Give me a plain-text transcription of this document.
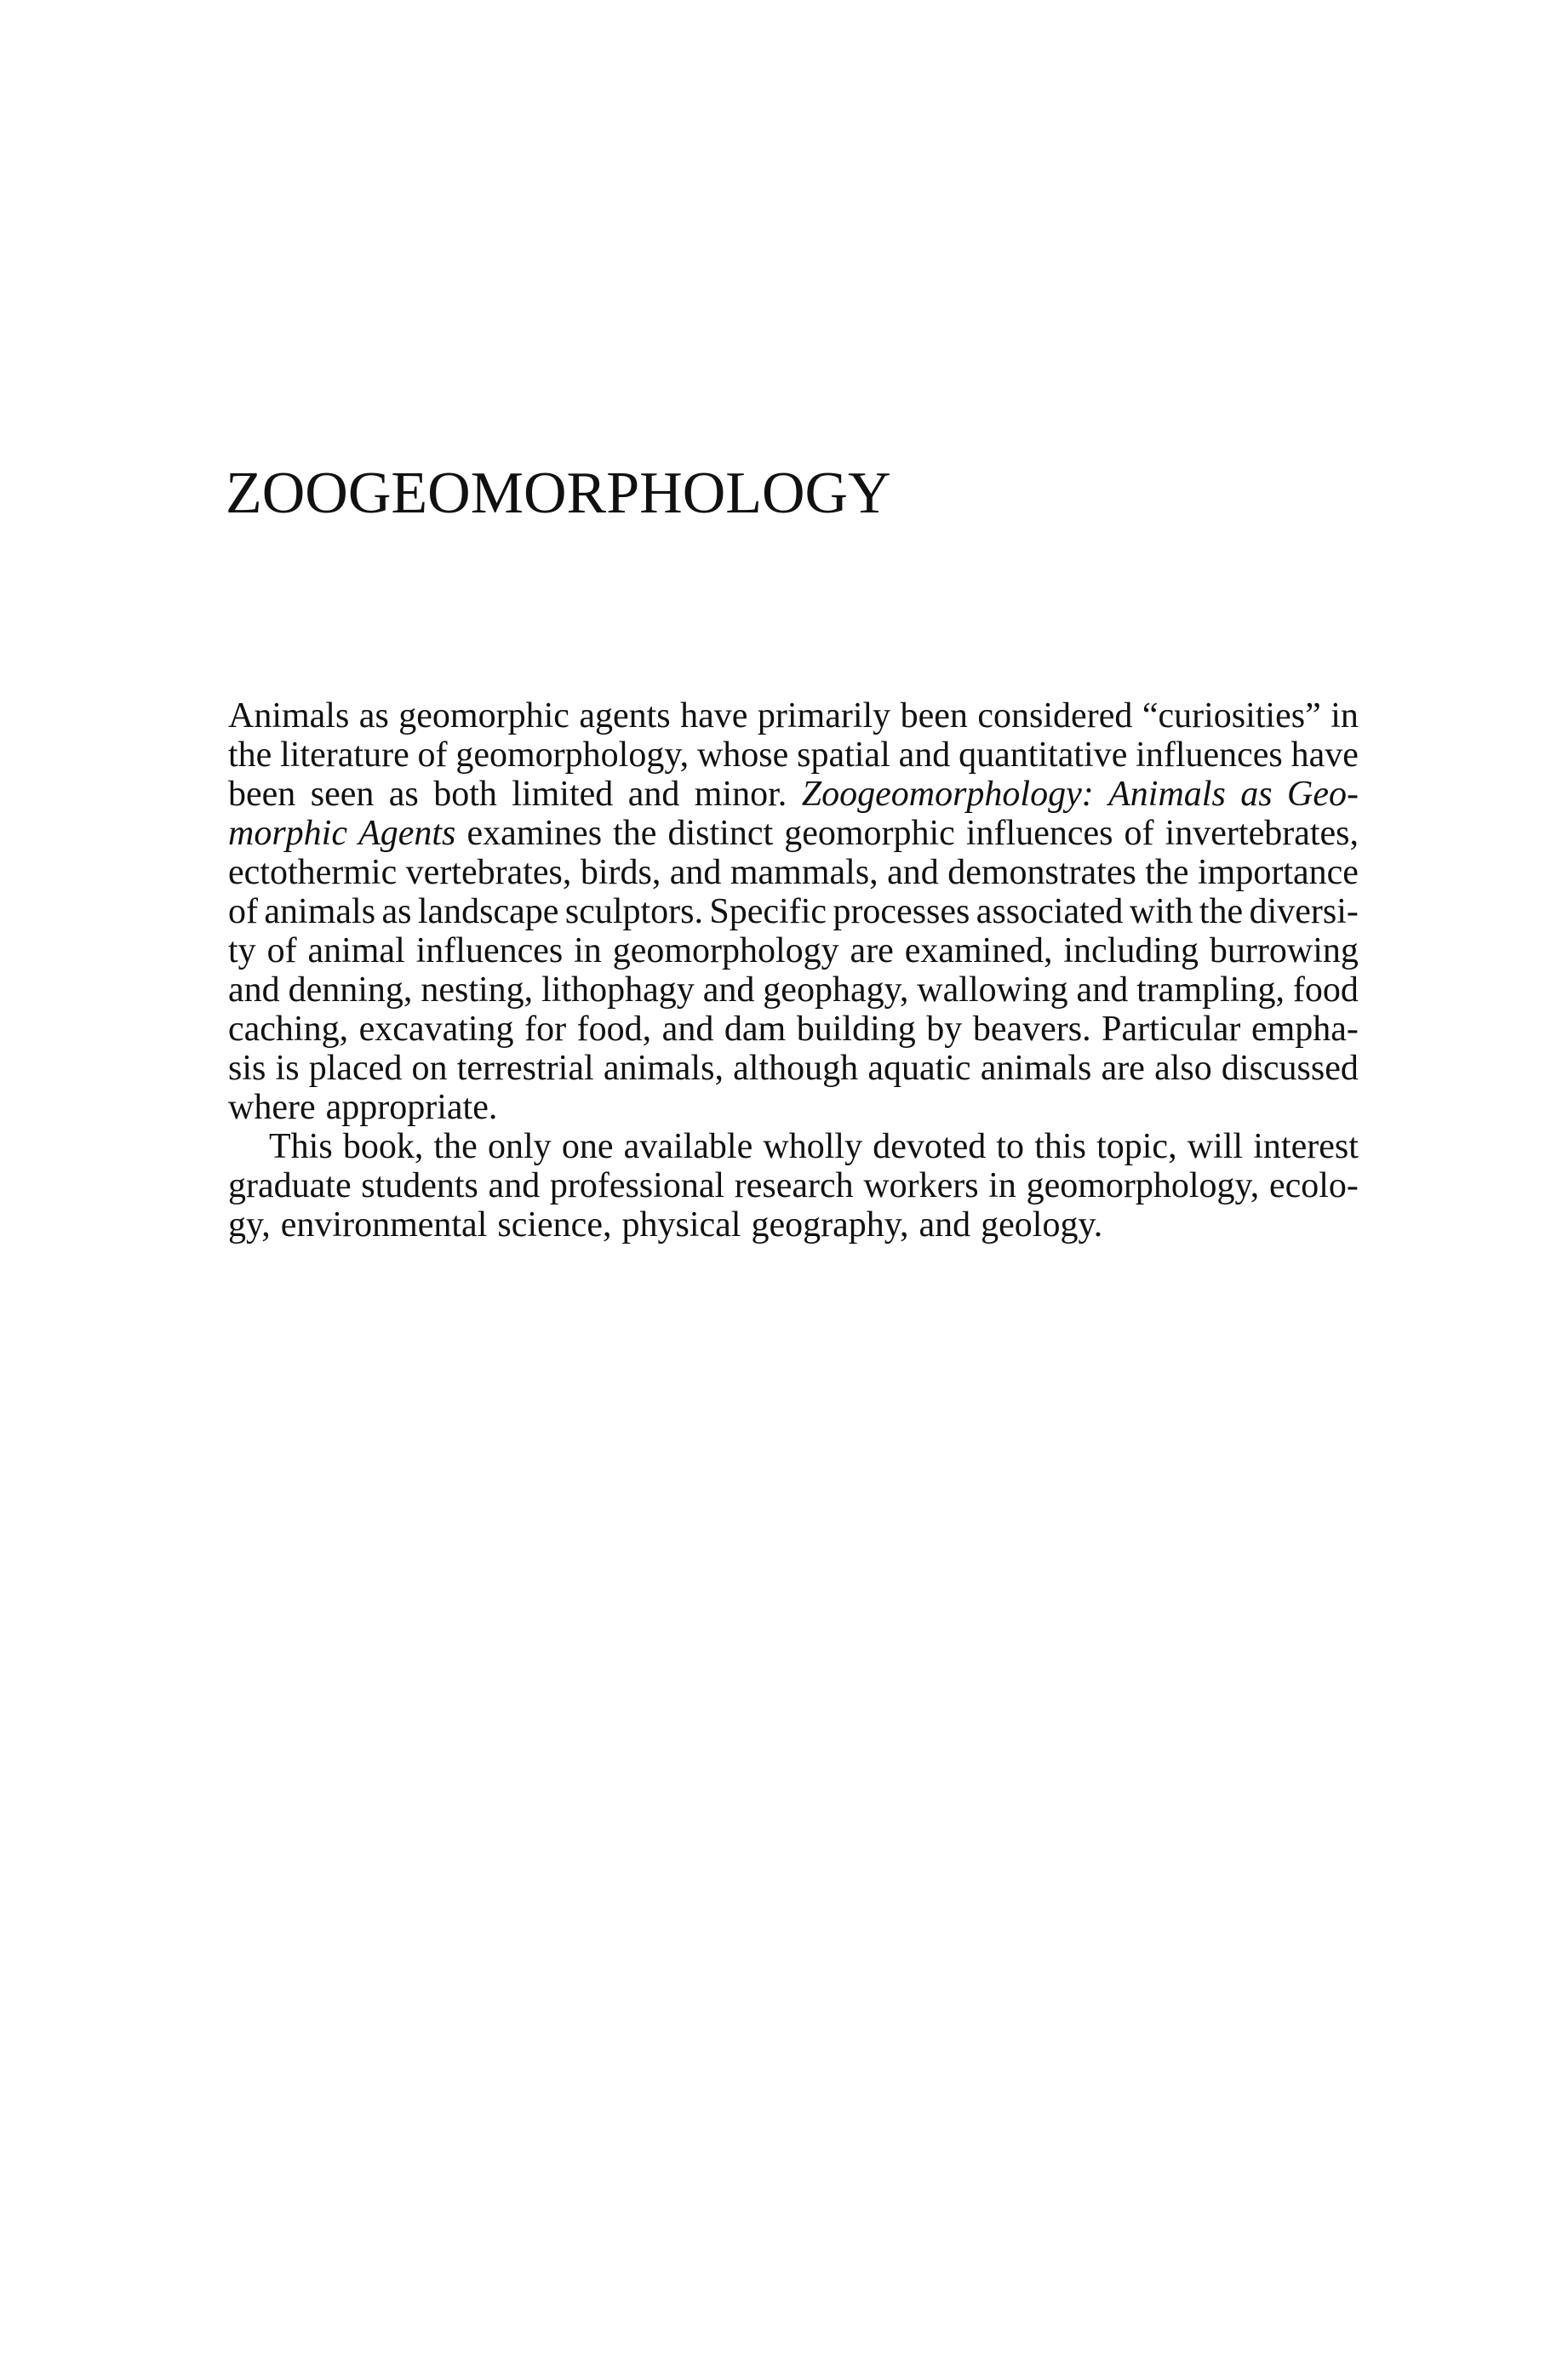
ZOOGEOMORPHOLOGY
Animals as geomorphic agents have primarily been considered “curiosities” in
the literature of geomorphology, whose spatial and quantitative influences have
been seen as both limited and minor. Zoogeomorphology: Animals as Geo-
morphic Agents examines the distinct geomorphic influences of invertebrates,
ectothermic vertebrates, birds, and mammals, and demonstrates the importance
of animals as landscape sculptors. Specific processes associated with the diversi-
ty of animal influences in geomorphology are examined, including burrowing
and denning, nesting, lithophagy and geophagy, wallowing and trampling, food
caching, excavating for food, and dam building by beavers. Particular empha-
sis is placed on terrestrial animals, although aquatic animals are also discussed
where appropriate.
This book, the only one available wholly devoted to this topic, will interest
graduate students and professional research workers in geomorphology, ecolo-
gy, environmental science, physical geography, and geology.
